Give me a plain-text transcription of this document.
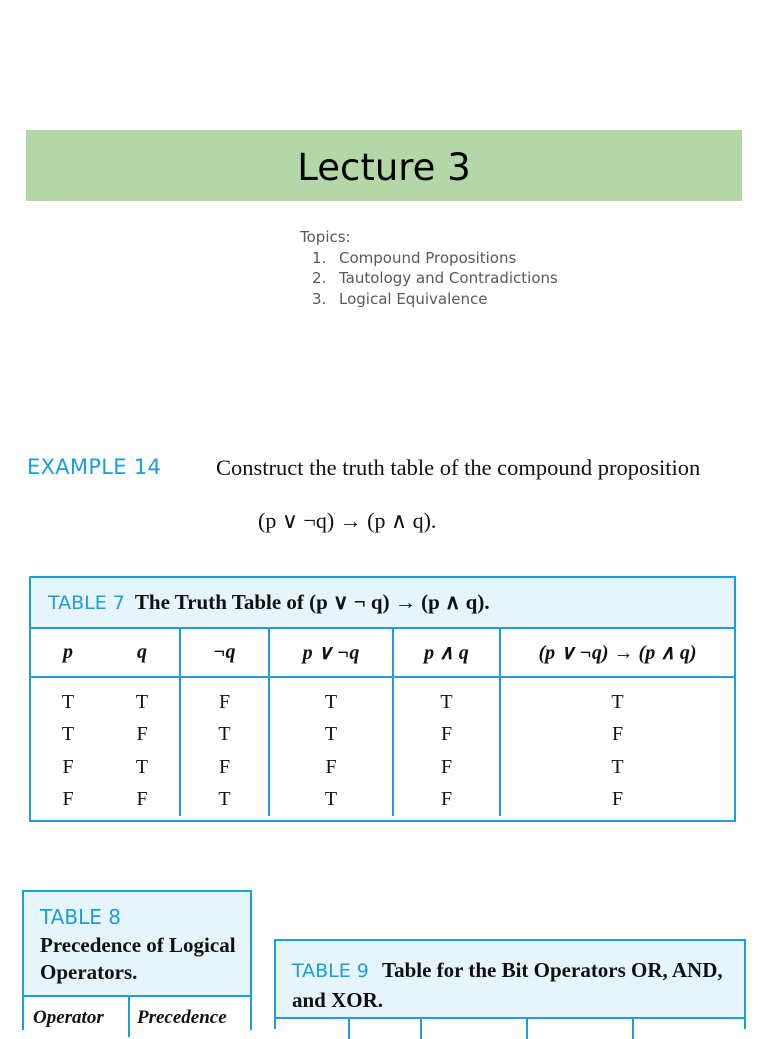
Lecture 3
Topics:
1. Compound Propositions
2. Tautology and Contradictions
3. Logical Equivalence
EXAMPLE 14 Construct the truth table of the compound proposition
(p ∨ ¬q) → (p ∧ q).
TABLE 7 The Truth Table of (p ∨ ¬ q) → (p ∧ q).
p	q	¬q	p ∨ ¬q	p ∧ q	(p ∨ ¬q) → (p ∧ q)
T	T	F	T	T	T
T	F	T	T	F	F
F	T	F	F	F	T
F	F	T	T	F	F
TABLE 8
Precedence of Logical Operators.
Operator	Precedence
TABLE 9 Table for the Bit Operators OR, AND, and XOR.
